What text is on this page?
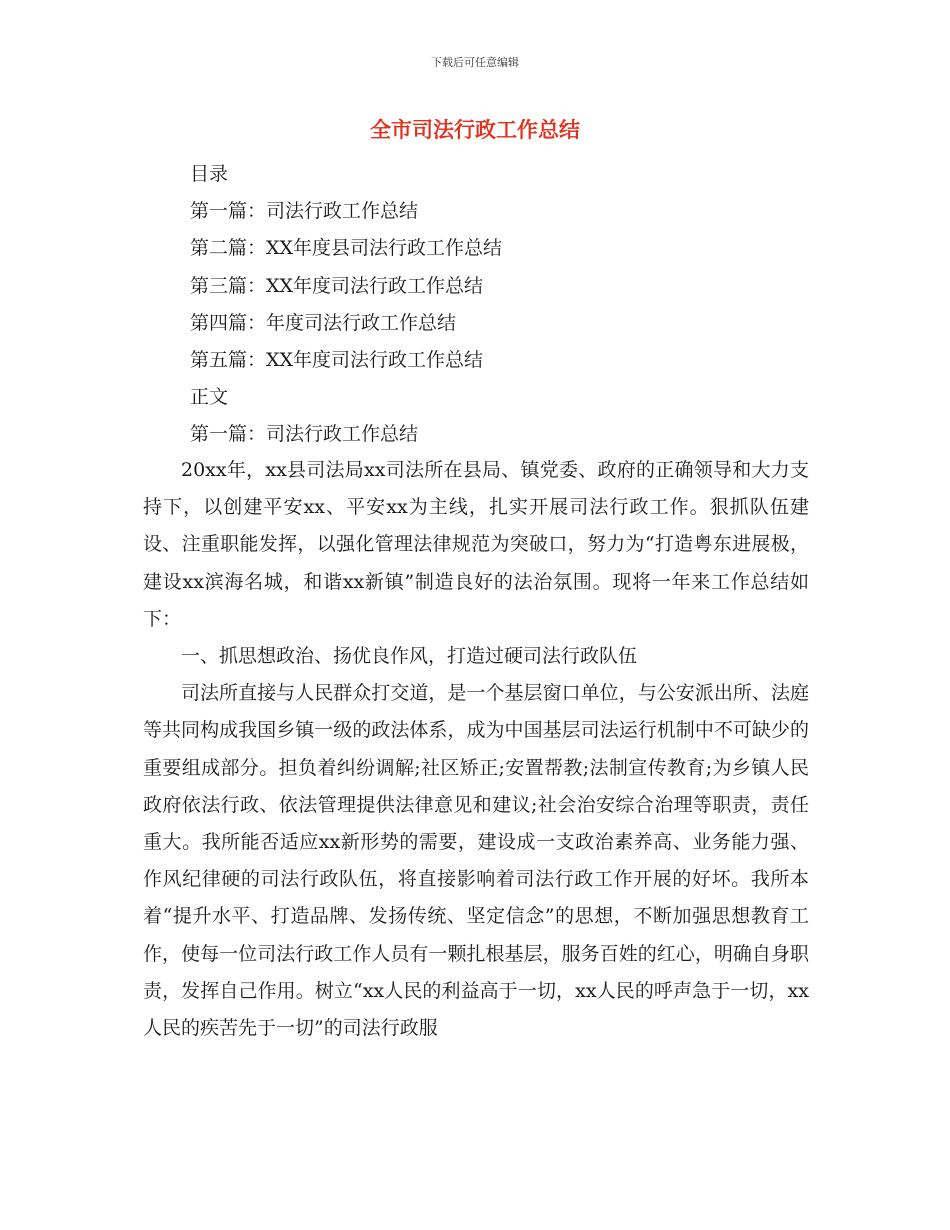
下载后可任意编辑
全市司法行政工作总结
目录
第一篇：司法行政工作总结
第二篇：XX年度县司法行政工作总结
第三篇：XX年度司法行政工作总结
第四篇：年度司法行政工作总结
第五篇：XX年度司法行政工作总结
正文
第一篇：司法行政工作总结

20xx年，xx县司法局xx司法所在县局、镇党委、政府的正确领导和大力支持下，以创建平安xx、平安xx为主线，扎实开展司法行政工作。狠抓队伍建设、注重职能发挥，以强化管理法律规范为突破口，努力为“打造粤东进展极，建设xx滨海名城，和谐xx新镇”制造良好的法治氛围。现将一年来工作总结如下：

一、抓思想政治、扬优良作风，打造过硬司法行政队伍

司法所直接与人民群众打交道，是一个基层窗口单位，与公安派出所、法庭等共同构成我国乡镇一级的政法体系，成为中国基层司法运行机制中不可缺少的重要组成部分。担负着纠纷调解;社区矫正;安置帮教;法制宣传教育;为乡镇人民政府依法行政、依法管理提供法律意见和建议;社会治安综合治理等职责，责任重大。我所能否适应xx新形势的需要，建设成一支政治素养高、业务能力强、作风纪律硬的司法行政队伍，将直接影响着司法行政工作开展的好坏。我所本着“提升水平、打造品牌、发扬传统、坚定信念”的思想，不断加强思想教育工作，使每一位司法行政工作人员有一颗扎根基层，服务百姓的红心，明确自身职责，发挥自己作用。树立“xx人民的利益高于一切，xx人民的呼声急于一切，xx人民的疾苦先于一切”的司法行政服
